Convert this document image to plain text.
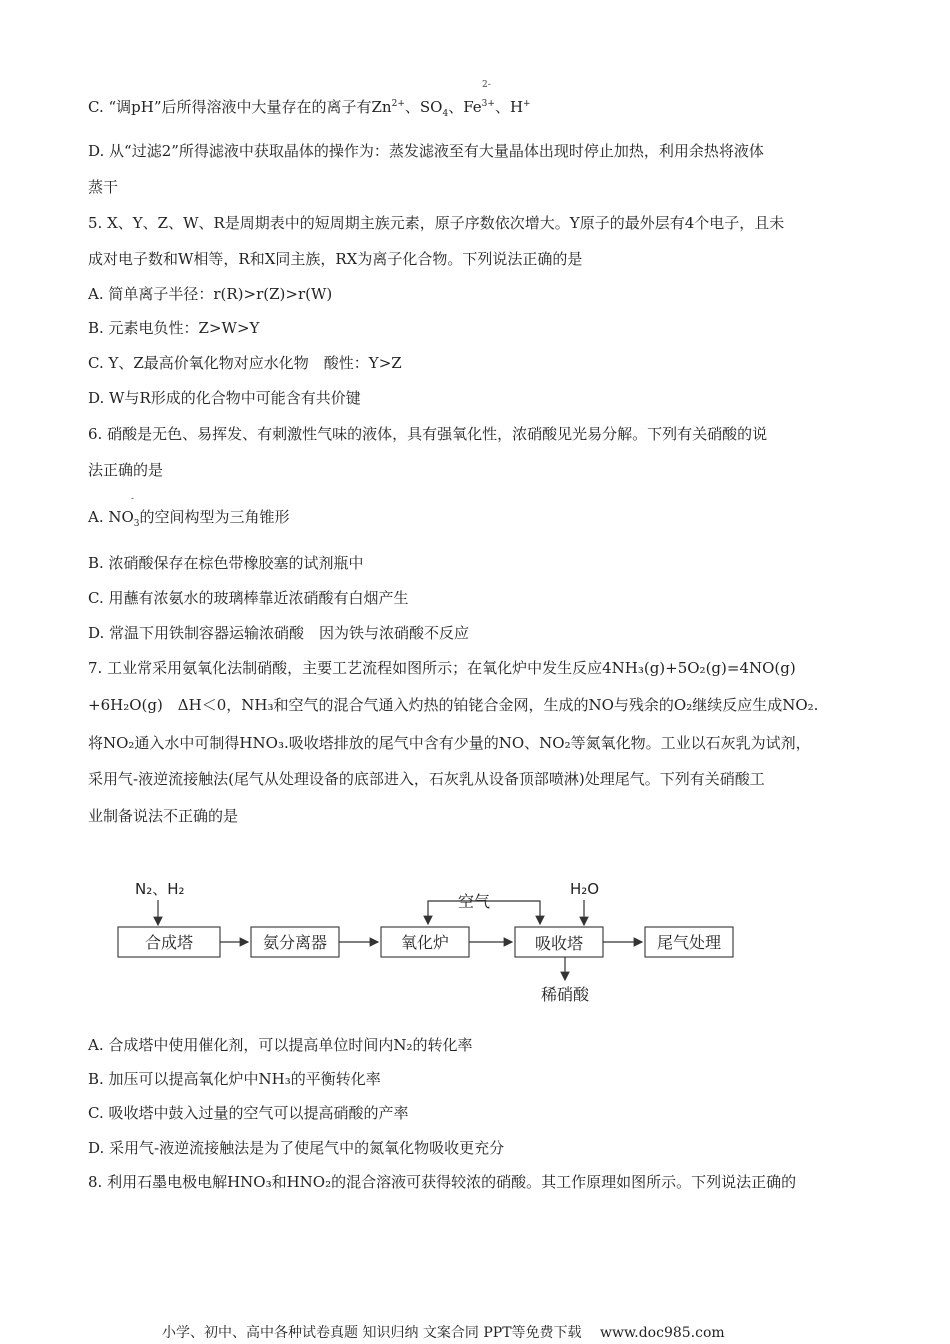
C. “调pH”后所得溶液中大量存在的离子有$Zn^{2+}$、$SO_4$、$Fe^{3+}$、H+
2-
D. 从“过滤2”所得滤液中获取晶体的操作为：蒸发滤液至有大量晶体出现时停止加热，利用余热将液体
蒸干
5. X、Y、Z、W、R是周期表中的短周期主族元素，原子序数依次增大。Y原子的最外层有4个电子，且未
成对电子数和W相等，R和X同主族，RX为离子化合物。下列说法正确的是
A. 简单离子半径：r(R)>r(Z)>r(W)
B. 元素电负性：Z>W>Y
C. Y、Z最高价氧化物对应水化物　酸性：Y>Z
D. W与R形成的化合物中可能含有共价键
6. 硝酸是无色、易挥发、有刺激性气味的液体，具有强氧化性，浓硝酸见光易分解。下列有关硝酸的说
法正确的是
A. $NO_3$的空间构型为三角锥形
-
B. 浓硝酸保存在棕色带橡胶塞的试剂瓶中
C. 用蘸有浓氨水的玻璃棒靠近浓硝酸有白烟产生
D. 常温下用铁制容器运输浓硝酸　因为铁与浓硝酸不反应
7. 工业常采用氨氧化法制硝酸，主要工艺流程如图所示；在氧化炉中发生反应4NH₃(g)+5O₂(g)=4NO(g)
+6H₂O(g)　ΔH＜0，NH₃和空气的混合气通入灼热的铂铑合金网，生成的NO与残余的O₂继续反应生成NO₂.
将NO₂通入水中可制得HNO₃.吸收塔排放的尾气中含有少量的NO、NO₂等氮氧化物。工业以石灰乳为试剂，
采用气-液逆流接触法(尾气从处理设备的底部进入，石灰乳从设备顶部喷淋)处理尾气。下列有关硝酸工
业制备说法不正确的是
N₂、H₂
合成塔	氨分离器	氧化炉
空气
H₂O
吸收塔
稀硝酸
尾气处理
A. 合成塔中使用催化剂，可以提高单位时间内N₂的转化率
B. 加压可以提高氧化炉中NH₃的平衡转化率
C. 吸收塔中鼓入过量的空气可以提高硝酸的产率
D. 采用气-液逆流接触法是为了使尾气中的氮氧化物吸收更充分
8. 利用石墨电极电解HNO₃和HNO₂的混合溶液可获得较浓的硝酸。其工作原理如图所示。下列说法正确的
小学、初中、高中各种试卷真题 知识归纳 文案合同 PPT等免费下载　 www.doc985.com
